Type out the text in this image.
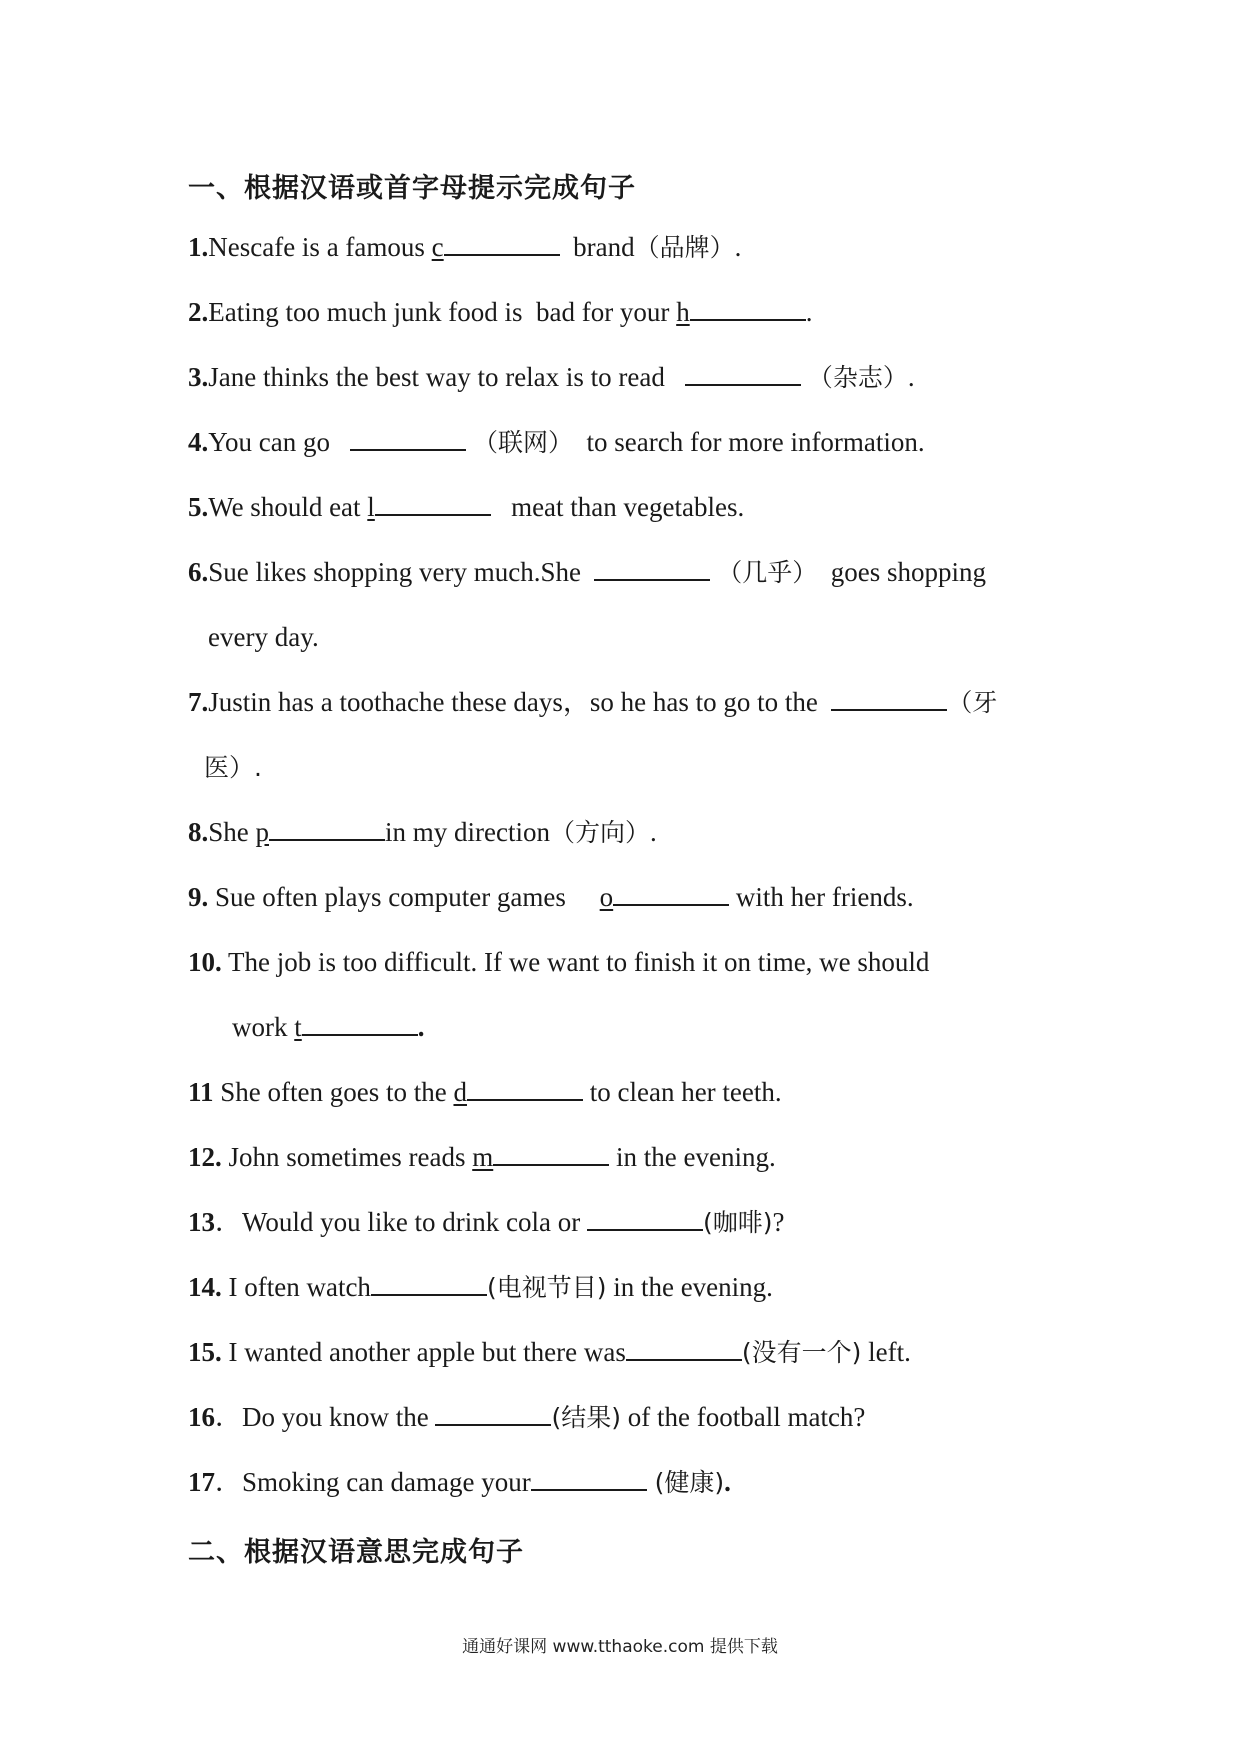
一、根据汉语或首字母提示完成句子
1.Nescafe is a famous c	brand（品牌）.
2.Eating too much junk food is bad for your h	.
3.Jane thinks the best way to relax is to read	（杂志）.
4.You can go	（联网） to search for more information.
5.We should eat l	meat than vegetables.
6.Sue likes shopping very much.She	（几乎） goes shopping
every day.
7.Justin has a toothache these days，so he has to go to the	（牙
医）.
8.She p	in my direction（方向）.
9. Sue often plays computer games o	with her friends.
10. The job is too difficult. If we want to finish it on time, we should
work t	.
11 She often goes to the d	to clean her teeth.
12. John sometimes reads m	in the evening.
13．Would you like to drink cola or	(咖啡)?
14. I often watch	(电视节目) in the evening.
15. I wanted another apple but there was	(没有一个) left.
16．Do you know the	(结果) of the football match?
17．Smoking can damage your	(健康).
二、根据汉语意思完成句子
通通好课网 www.tthaoke.com 提供下载
